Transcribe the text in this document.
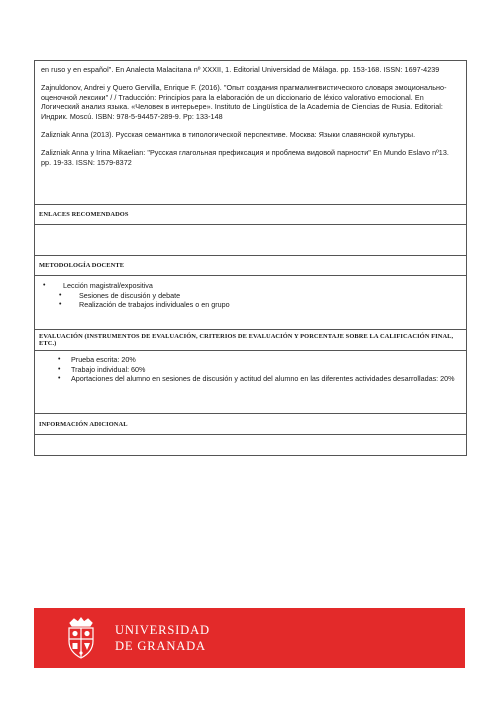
en ruso y en español". En Analecta Malacitana nº XXXII, 1. Editorial Universidad de Málaga. pp. 153-168. ISSN: 1697-4239

Zajnuldonov, Andrei y Quero Gervilla, Enrique F. (2016). "Опыт создания прагмалингвистического словаря эмоционально-оценочной лексики" / / Traducción: Principios para la elaboración de un diccionario de léxico valorativo emocional. En Логический анализ языка. «Человек в интерьере». Instituto de Lingüística de la Academia de Ciencias de Rusia. Editorial: Индрик. Moscú. ISBN: 978-5-94457-289-9. Pp: 133-148

Zalizniak Anna (2013). Русская семантика в типологической перспективе. Москва: Языки славянской культуры.

Zalizniak Anna y Irina Mikaelian: "Русская глагольная префиксация и проблема видовой парности" En Mundo Eslavo nº13. pp. 19-33. ISSN: 1579-8372

ENLACES RECOMENDADOS
METODOLOGÍA DOCENTE
• Lección magistral/expositiva
• Sesiones de discusión y debate
• Realización de trabajos individuales o en grupo
EVALUACIÓN (INSTRUMENTOS DE EVALUACIÓN, CRITERIOS DE EVALUACIÓN Y PORCENTAJE SOBRE LA CALIFICACIÓN FINAL, ETC.)
• Prueba escrita: 20%
• Trabajo individual: 60%
• Aportaciones del alumno en sesiones de discusión y actitud del alumno en las diferentes actividades desarrolladas: 20%
INFORMACIÓN ADICIONAL
UNIVERSIDAD
DE GRANADA
